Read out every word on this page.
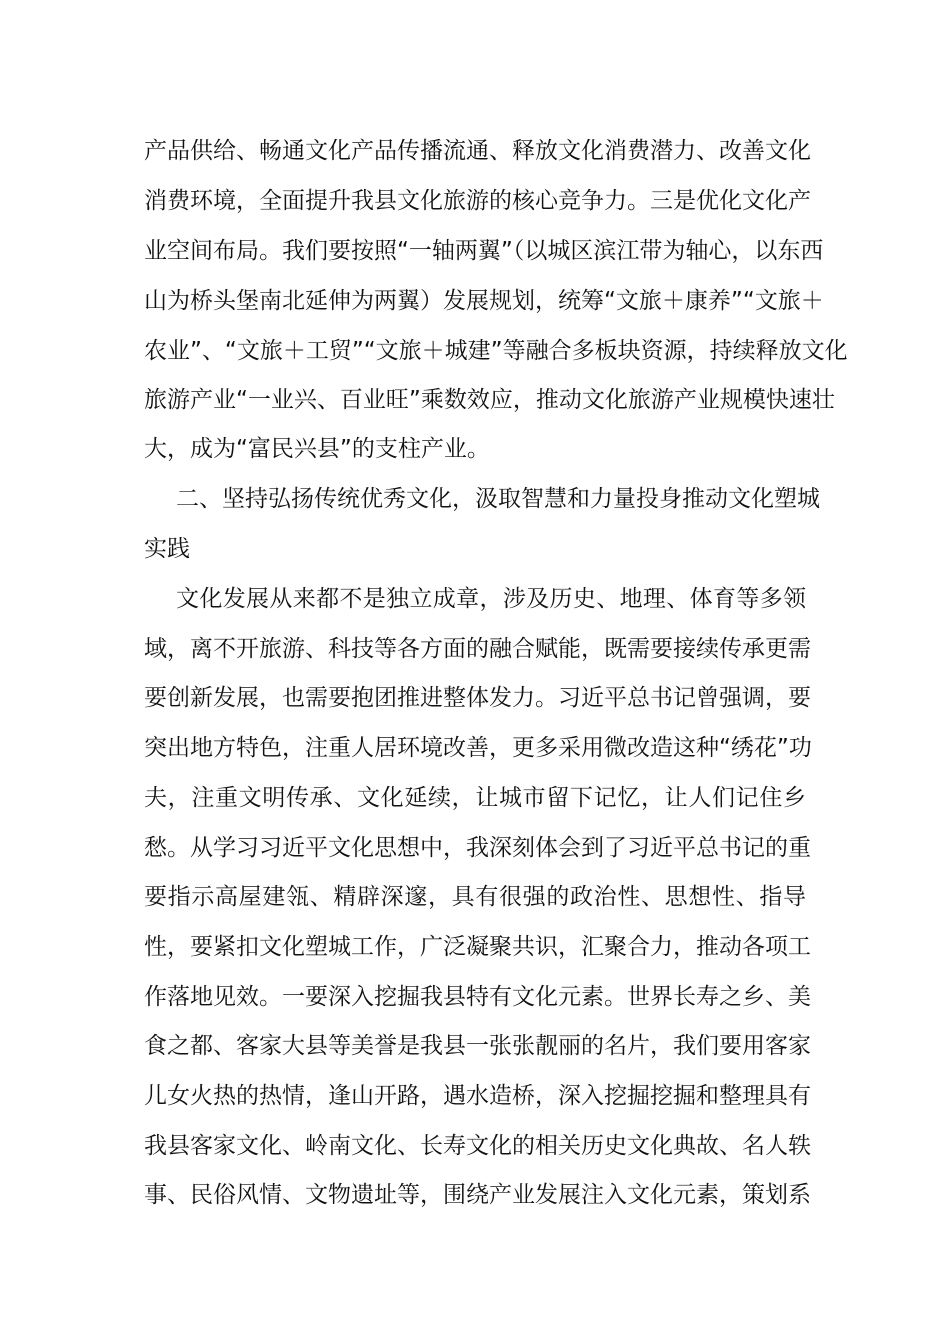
产品供给、畅通文化产品传播流通、释放文化消费潜力、改善文化
消费环境，全面提升我县文化旅游的核心竞争力。三是优化文化产
业空间布局。我们要按照“一轴两翼”（以城区滨江带为轴心，以东西
山为桥头堡南北延伸为两翼）发展规划，统筹“文旅＋康养”“文旅＋
农业”、“文旅＋工贸”“文旅＋城建”等融合多板块资源，持续释放文化
旅游产业“一业兴、百业旺”乘数效应，推动文化旅游产业规模快速壮
大，成为“富民兴县”的支柱产业。
二、坚持弘扬传统优秀文化，汲取智慧和力量投身推动文化塑城
实践
文化发展从来都不是独立成章，涉及历史、地理、体育等多领
域，离不开旅游、科技等各方面的融合赋能，既需要接续传承更需
要创新发展，也需要抱团推进整体发力。习近平总书记曾强调，要
突出地方特色，注重人居环境改善，更多采用微改造这种“绣花”功
夫，注重文明传承、文化延续，让城市留下记忆，让人们记住乡
愁。从学习习近平文化思想中，我深刻体会到了习近平总书记的重
要指示高屋建瓴、精辟深邃，具有很强的政治性、思想性、指导
性，要紧扣文化塑城工作，广泛凝聚共识，汇聚合力，推动各项工
作落地见效。一要深入挖掘我县特有文化元素。世界长寿之乡、美
食之都、客家大县等美誉是我县一张张靓丽的名片，我们要用客家
儿女火热的热情，逢山开路，遇水造桥，深入挖掘挖掘和整理具有
我县客家文化、岭南文化、长寿文化的相关历史文化典故、名人轶
事、民俗风情、文物遗址等，围绕产业发展注入文化元素，策划系
